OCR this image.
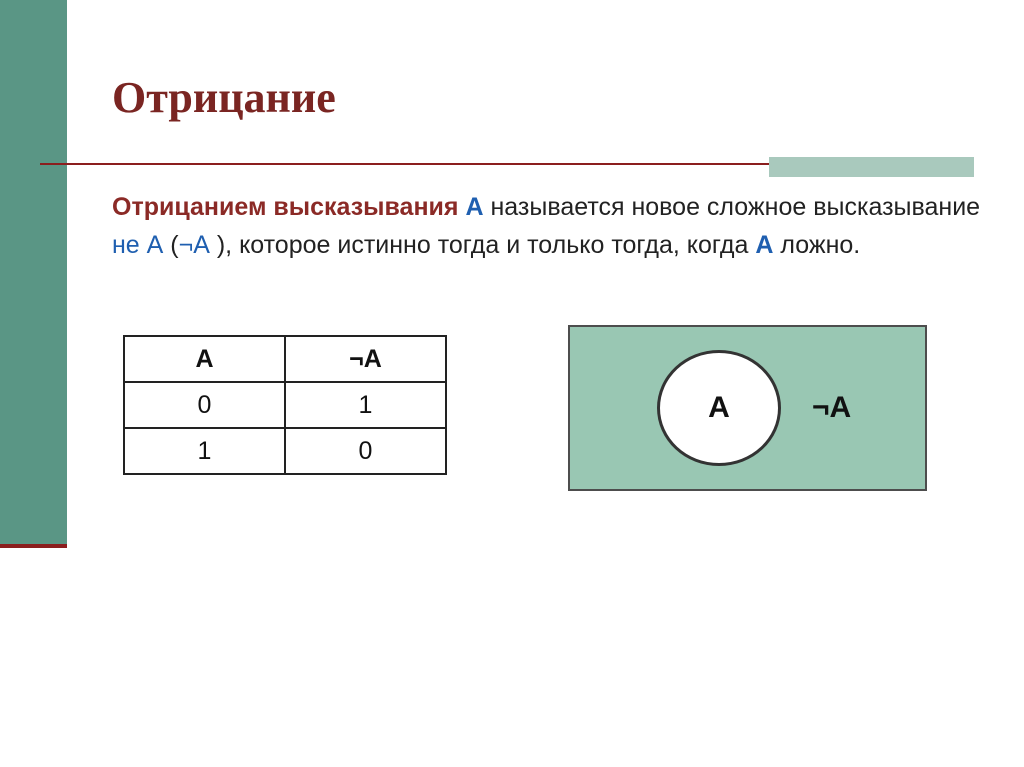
Отрицание

Отрицанием высказывания А называется новое сложное высказывание не А (¬А ), которое истинно тогда и только тогда, когда А ложно.

А	¬А
0	1
1	0
А	¬А
